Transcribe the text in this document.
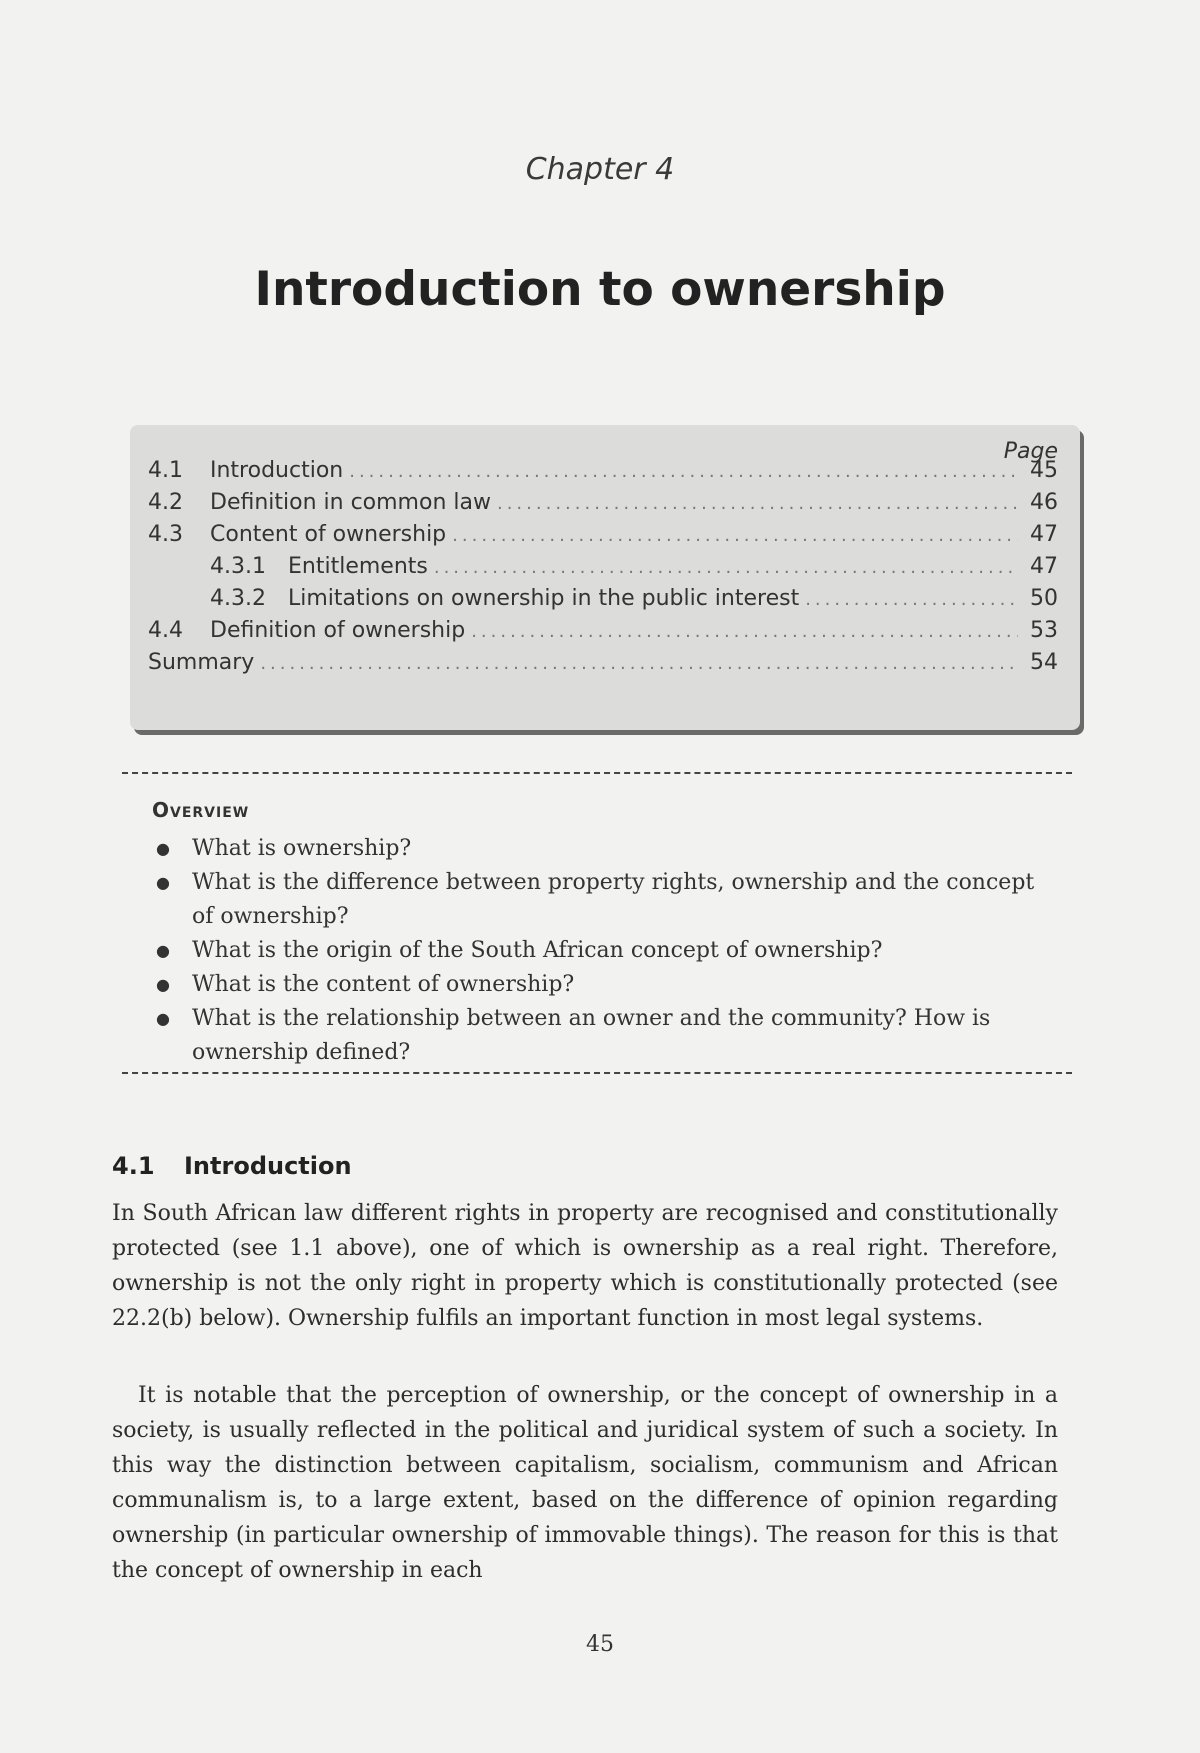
Chapter 4
Introduction to ownership
Page
4.1	Introduction .....	45
4.2	Definition in common law .....	46
4.3	Content of ownership .....	47
4.3.1	Entitlements .....	47
4.3.2	Limitations on ownership in the public interest .....	50
4.4	Definition of ownership .....	53
Summary .....	54
Overview
● What is ownership?
● What is the difference between property rights, ownership and the concept of ownership?
● What is the origin of the South African concept of ownership?
● What is the content of ownership?
● What is the relationship between an owner and the community? How is ownership defined?
4.1	Introduction

In South African law different rights in property are recognised and constitutionally protected (see 1.1 above), one of which is ownership as a real right. Therefore, ownership is not the only right in property which is constitutionally protected (see 22.2(b) below). Ownership fulfils an important function in most legal systems.

It is notable that the perception of ownership, or the concept of ownership in a society, is usually reflected in the political and juridical system of such a society. In this way the distinction between capitalism, socialism, communism and African communalism is, to a large extent, based on the difference of opinion regarding ownership (in particular ownership of immovable things). The reason for this is that the concept of ownership in each

45
